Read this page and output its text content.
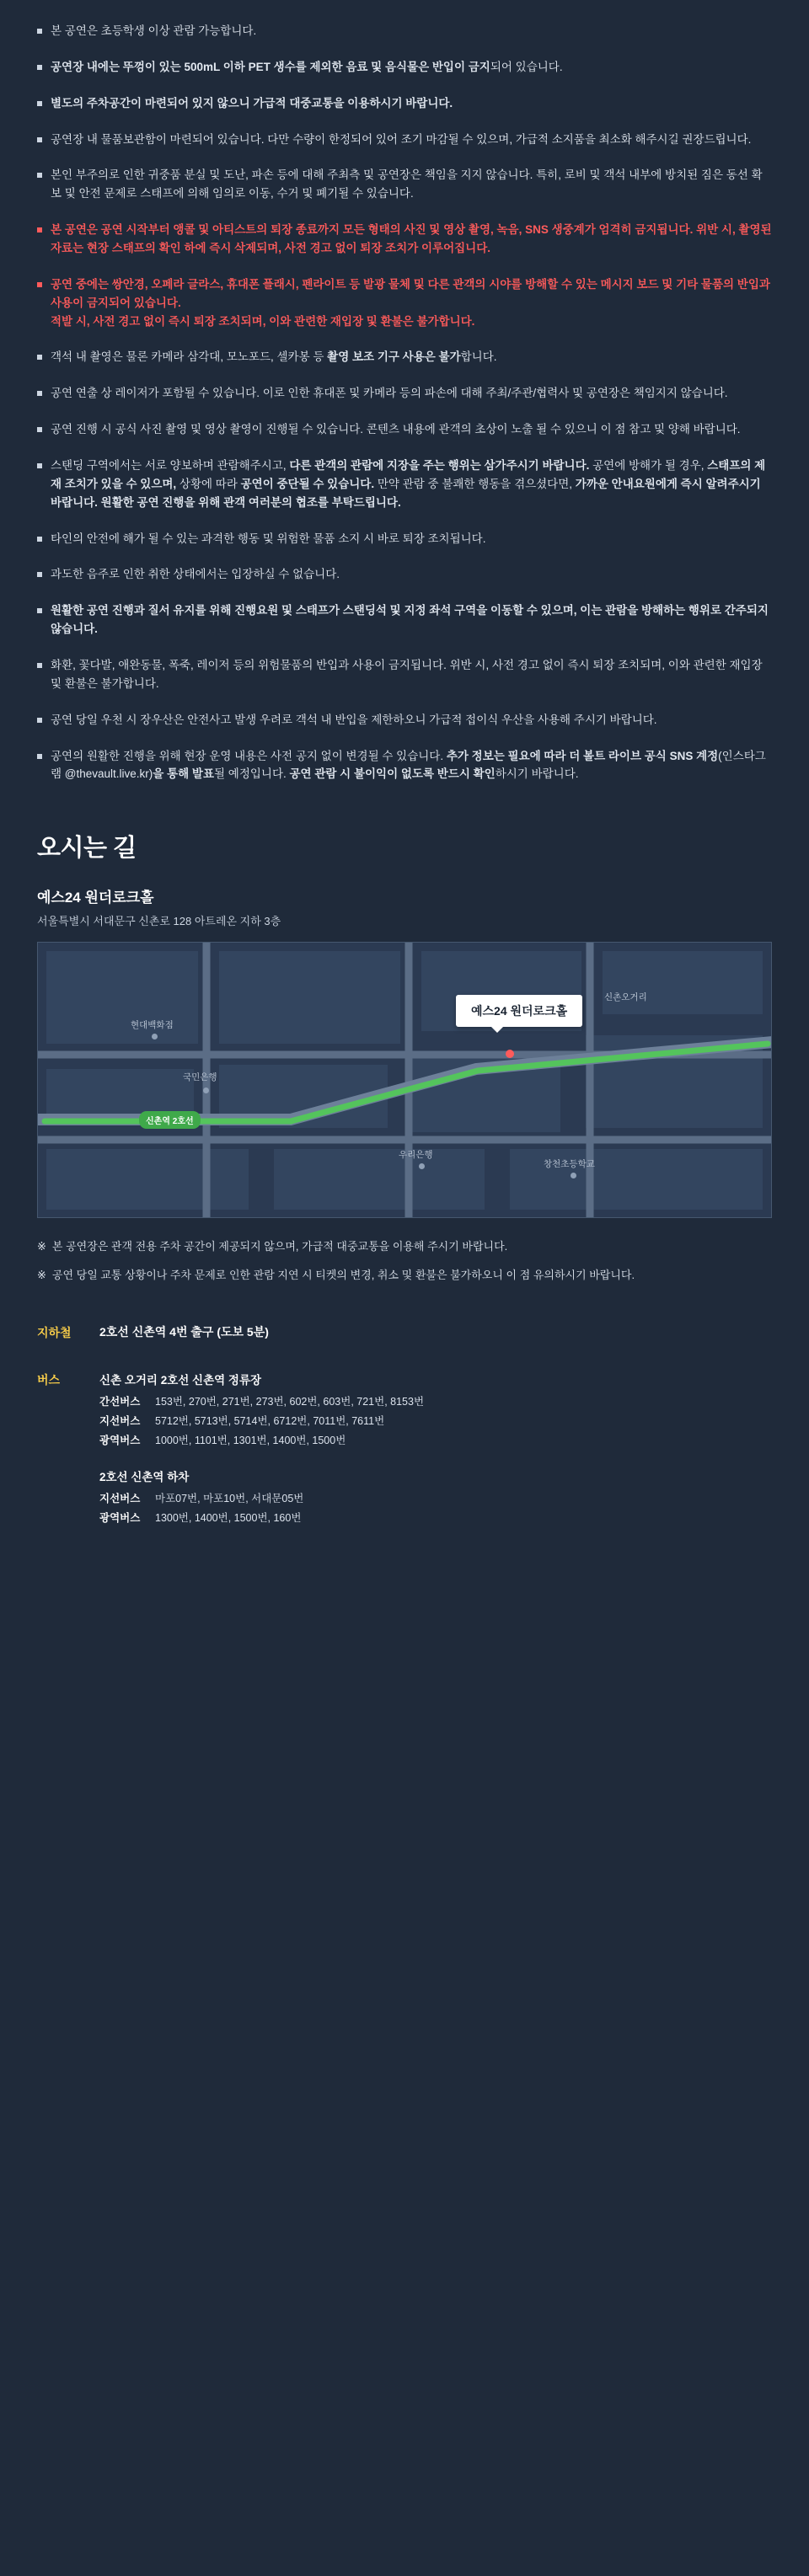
본 공연은 초등학생 이상 관람 가능합니다.
공연장 내에는 뚜껑이 있는 500mL 이하 PET 생수를 제외한 음료 및 음식물은 반입이 금지되어 있습니다.
별도의 주차공간이 마련되어 있지 않으니 가급적 대중교통을 이용하시기 바랍니다.
공연장 내 물품보관함이 마련되어 있습니다. 다만 수량이 한정되어 있어 조기 마감될 수 있으며, 가급적 소지품을 최소화 해주시길 권장드립니다.
본인 부주의로 인한 귀중품 분실 및 도난, 파손 등에 대해 주최측 및 공연장은 책임을 지지 않습니다. 특히, 로비 및 객석 내부에 방치된 짐은 동선 확보 및 안전 문제로 스태프에 의해 임의로 이동, 수거 및 폐기될 수 있습니다.
본 공연은 공연 시작부터 앵콜 및 아티스트의 퇴장 종료까지 모든 형태의 사진 및 영상 촬영, 녹음, SNS 생중계가 엄격히 금지됩니다. 위반 시, 촬영된 자료는 현장 스태프의 확인 하에 즉시 삭제되며, 사전 경고 없이 퇴장 조치가 이루어집니다.
공연 중에는 쌍안경, 오페라 글라스, 휴대폰 플래시, 펜라이트 등 발광 물체 및 다른 관객의 시야를 방해할 수 있는 메시지 보드 및 기타 물품의 반입과 사용이 금지되어 있습니다.
적발 시, 사전 경고 없이 즉시 퇴장 조치되며, 이와 관련한 재입장 및 환불은 불가합니다.
객석 내 촬영은 물론 카메라 삼각대, 모노포드, 셀카봉 등 촬영 보조 기구 사용은 불가합니다.
공연 연출 상 레이저가 포함될 수 있습니다. 이로 인한 휴대폰 및 카메라 등의 파손에 대해 주최/주관/협력사 및 공연장은 책임지지 않습니다.
공연 진행 시 공식 사진 촬영 및 영상 촬영이 진행될 수 있습니다. 콘텐츠 내용에 관객의 초상이 노출 될 수 있으니 이 점 참고 및 양해 바랍니다.
스탠딩 구역에서는 서로 양보하며 관람해주시고, 다른 관객의 관람에 지장을 주는 행위는 삼가주시기 바랍니다. 공연에 방해가 될 경우, 스태프의 제재 조치가 있을 수 있으며, 상황에 따라 공연이 중단될 수 있습니다. 만약 관람 중 불쾌한 행동을 겪으셨다면, 가까운 안내요원에게 즉시 알려주시기 바랍니다. 원활한 공연 진행을 위해 관객 여러분의 협조를 부탁드립니다.
타인의 안전에 해가 될 수 있는 과격한 행동 및 위험한 물품 소지 시 바로 퇴장 조치됩니다.
과도한 음주로 인한 취한 상태에서는 입장하실 수 없습니다.
원활한 공연 진행과 질서 유지를 위해 진행요원 및 스태프가 스탠딩석 및 지정 좌석 구역을 이동할 수 있으며, 이는 관람을 방해하는 행위로 간주되지 않습니다.
화환, 꽃다발, 애완동물, 폭죽, 레이저 등의 위험물품의 반입과 사용이 금지됩니다. 위반 시, 사전 경고 없이 즉시 퇴장 조치되며, 이와 관련한 재입장 및 환불은 불가합니다.
공연 당일 우천 시 장우산은 안전사고 발생 우려로 객석 내 반입을 제한하오니 가급적 접이식 우산을 사용해 주시기 바랍니다.
공연의 원활한 진행을 위해 현장 운영 내용은 사전 공지 없이 변경될 수 있습니다. 추가 정보는 필요에 따라 더 볼트 라이브 공식 SNS 계정(인스타그램 @thevault.live.kr)을 통해 발표될 예정입니다. 공연 관람 시 불이익이 없도록 반드시 확인하시기 바랍니다.
오시는 길
예스24 원더로크홀
서울특별시 서대문구 신촌로 128 아트레온 지하 3층
예스24 원더로크홀
신촌역 2호선
신촌오거리
현대백화점
국민은행
우리은행
창천초등학교
※ 본 공연장은 관객 전용 주차 공간이 제공되지 않으며, 가급적 대중교통을 이용해 주시기 바랍니다.
※ 공연 당일 교통 상황이나 주차 문제로 인한 관람 지연 시 티켓의 변경, 취소 및 환불은 불가하오니 이 점 유의하시기 바랍니다.
지하철	2호선 신촌역 4번 출구 (도보 5분)
버스	신촌 오거리 2호선 신촌역 정류장
간선버스	153번, 270번, 271번, 273번, 602번, 603번, 721번, 8153번
지선버스	5712번, 5713번, 5714번, 6712번, 7011번, 7611번
광역버스	1000번, 1101번, 1301번, 1400번, 1500번
2호선 신촌역 하차
지선버스	마포07번, 마포10번, 서대문05번
광역버스	1300번, 1400번, 1500번, 160번
